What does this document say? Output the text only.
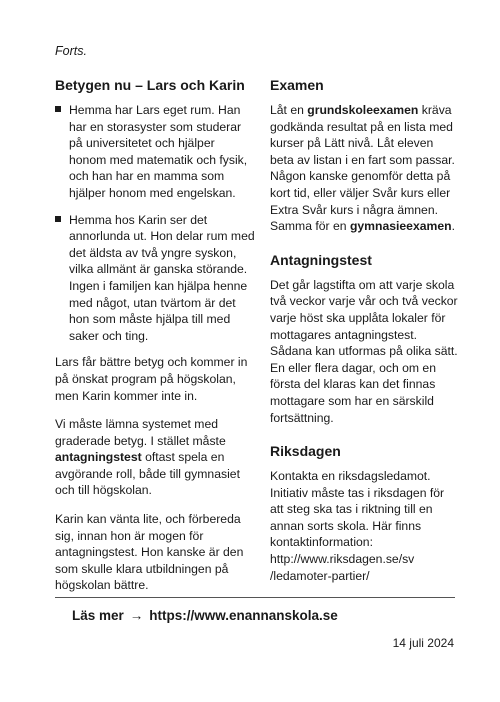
Forts.
Betygen nu – Lars och Karin
Hemma har Lars eget rum. Han har en storasyster som studerar på universitetet och hjälper honom med matematik och fysik, och han har en mamma som hjälper honom med engelskan.
Hemma hos Karin ser det annorlunda ut. Hon delar rum med det äldsta av två yngre syskon, vilka allmänt är ganska störande. Ingen i familjen kan hjälpa henne med något, utan tvärtom är det hon som måste hjälpa till med saker och ting.

Lars får bättre betyg och kommer in på önskat program på högskolan, men Karin kommer inte in.

Vi måste lämna systemet med graderade betyg. I stället måste antagningstest oftast spela en avgörande roll, både till gymnasiet och till högskolan.

Karin kan vänta lite, och förbereda sig, innan hon är mogen för antagningstest. Hon kanske är den som skulle klara utbildningen på högskolan bättre.

Examen

Låt en grundskoleexamen kräva godkända resultat på en lista med kurser på Lätt nivå. Låt eleven beta av listan i en fart som passar. Någon kanske genomför detta på kort tid, eller väljer Svår kurs eller Extra Svår kurs i några ämnen. Samma för en gymnasieexamen.

Antagningstest

Det går lagstifta om att varje skola två veckor varje vår och två veckor varje höst ska upplåta lokaler för mottagares antagningstest. Sådana kan utformas på olika sätt. En eller flera dagar, och om en första del klaras kan det finnas mottagare som har en särskild fortsättning.

Riksdagen

Kontakta en riksdagsledamot. Initiativ måste tas i riksdagen för att steg ska tas i riktning till en annan sorts skola. Här finns kontaktinformation:
http://www.riksdagen.se/sv
/ledamoter-partier/

Läs mer → https://www.enannanskola.se
14 juli 2024
